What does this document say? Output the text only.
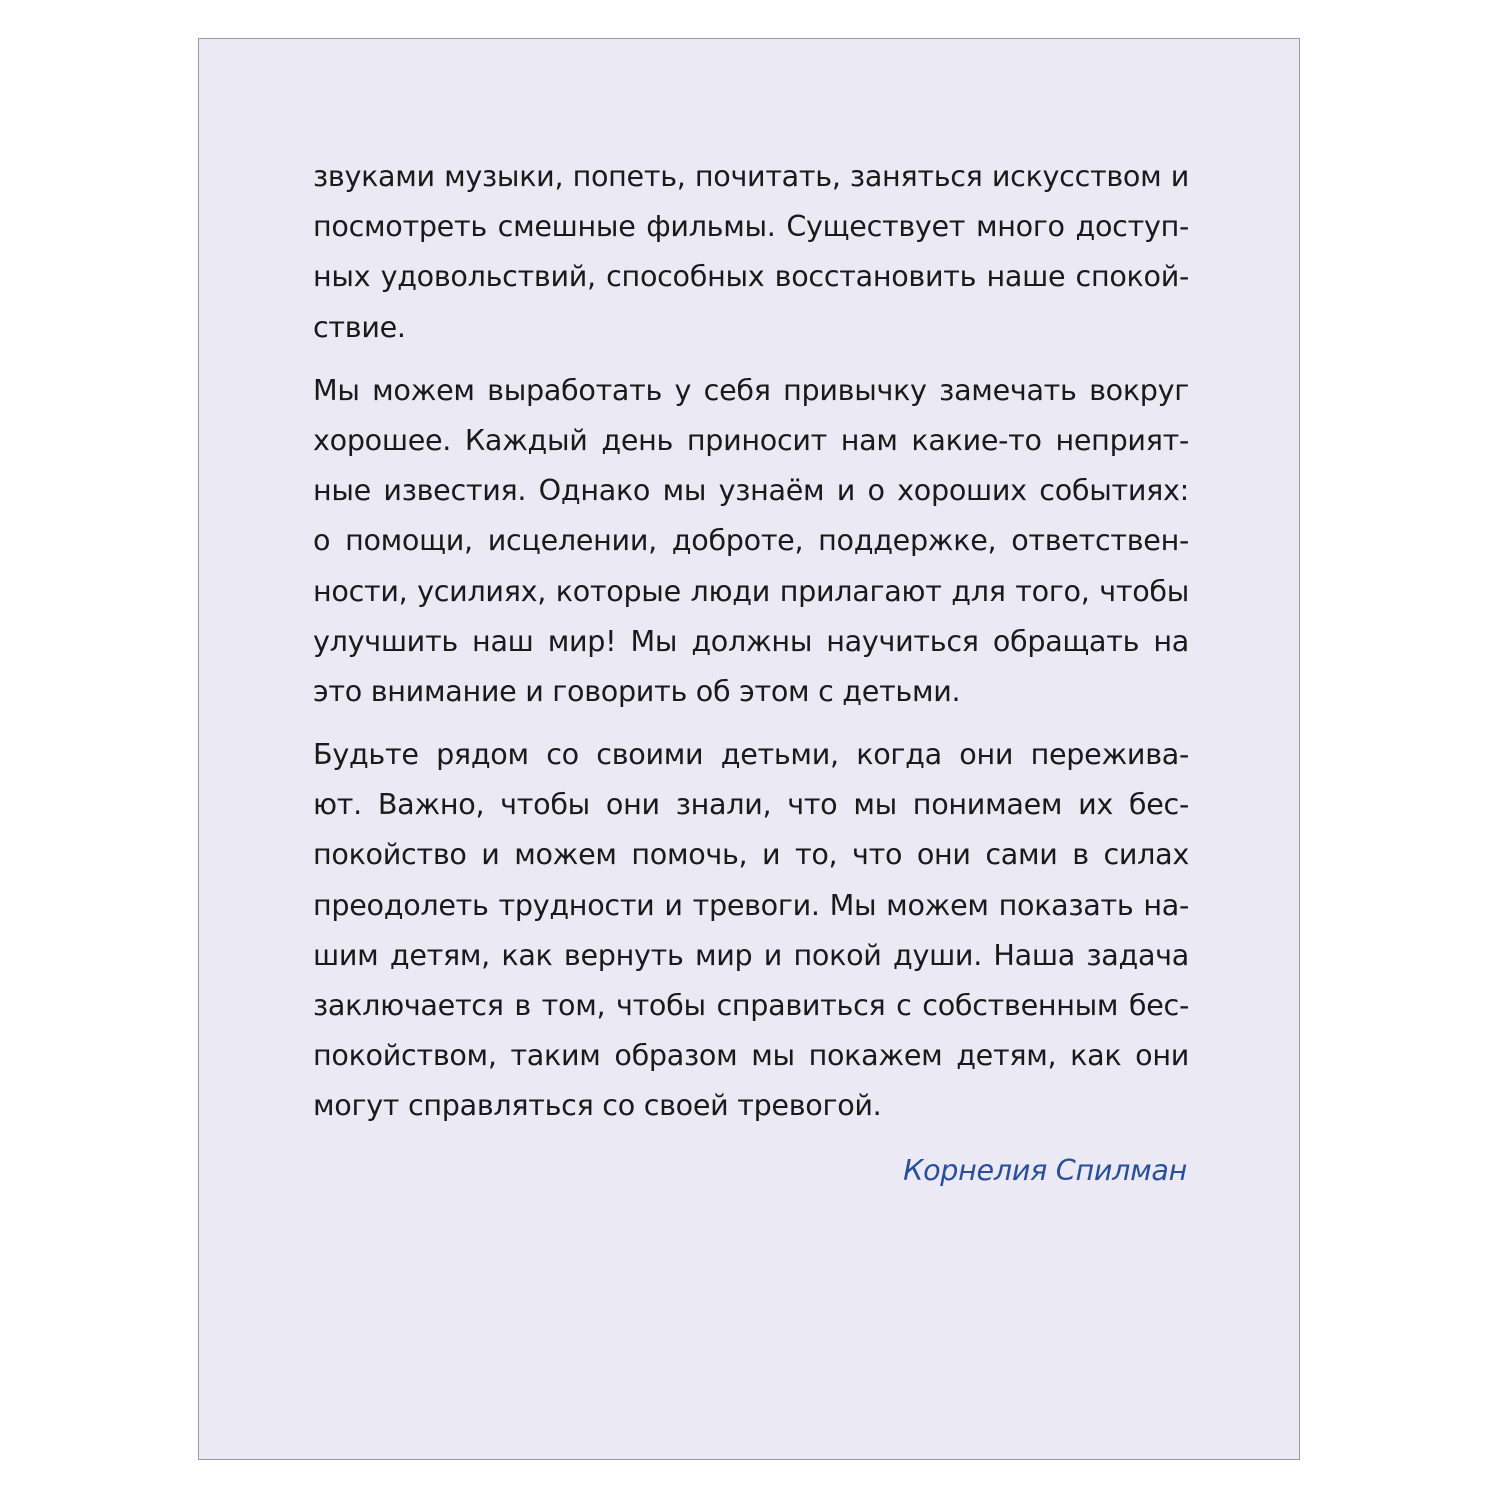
звуками музыки, попеть, почитать, заняться искусством и
посмотреть смешные фильмы. Существует много доступ-
ных удовольствий, способных восстановить наше спокой-
ствие.
Мы можем выработать у себя привычку замечать вокруг
хорошее. Каждый день приносит нам какие-то неприят-
ные известия. Однако мы узнаём и о хороших событиях:
о помощи, исцелении, доброте, поддержке, ответствен-
ности, усилиях, которые люди прилагают для того, чтобы
улучшить наш мир! Мы должны научиться обращать на
это внимание и говорить об этом с детьми.
Будьте рядом со своими детьми, когда они пережива-
ют. Важно, чтобы они знали, что мы понимаем их бес-
покойство и можем помочь, и то, что они сами в силах
преодолеть трудности и тревоги. Мы можем показать на-
шим детям, как вернуть мир и покой души. Наша задача
заключается в том, чтобы справиться с собственным бес-
покойством, таким образом мы покажем детям, как они
могут справляться со своей тревогой.
Корнелия Спилман
